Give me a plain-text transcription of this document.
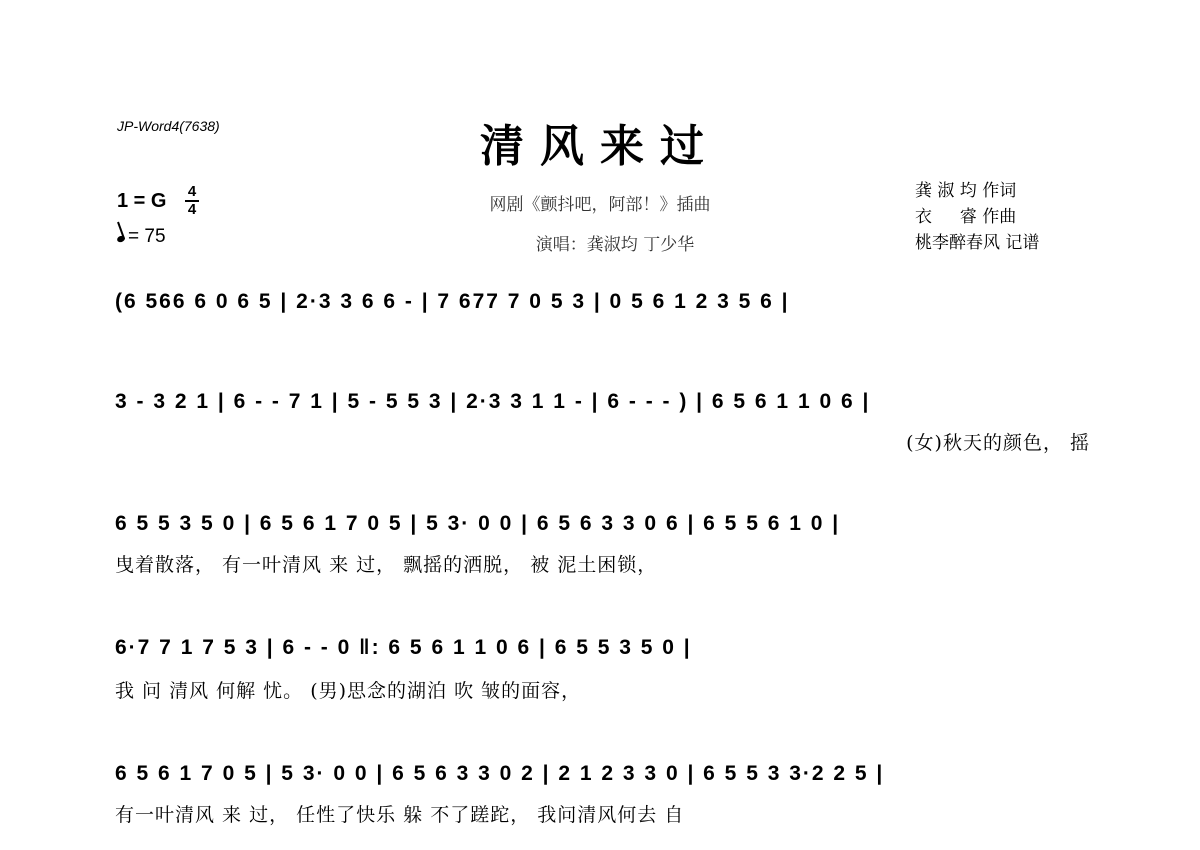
JP-Word4(7638)	清风来过
网剧《颤抖吧，阿部！》插曲
演唱：龚淑均 丁少华
1 = G 4
4
= 75
龚 淑 均 作词
衣 　 睿 作曲
桃李醉春风 记谱
(6 566 6 0 6 5 | 2·3 3 6 6 - | 7 677 7 0 5 3 | 0 5 6 1 2 3 5 6 |
3 - 3 2 1 | 6 - - 7 1 | 5 - 5 5 3 | 2·3 3 1 1 - | 6 - - - ) | 6 5 6 1 1 0 6 |
(女)秋天的颜色， 摇
6 5 5 3 5 0 | 6 5 6 1 7 0 5 | 5 3· 0 0 | 6 5 6 3 3 0 6 | 6 5 5 6 1 0 |
曳着散落， 有一叶清风 来 过， 飘摇的洒脱， 被 泥土困锁，
6·7 7 1 7 5 3 | 6 - - 0 ‖: 6 5 6 1 1 0 6 | 6 5 5 3 5 0 |
我 问 清风 何解 忧。 (男)思念的湖泊 吹 皱的面容，
6 5 6 1 7 0 5 | 5 3· 0 0 | 6 5 6 3 3 0 2 | 2 1 2 3 3 0 | 6 5 5 3 3·2 2 5 |
有一叶清风 来 过， 任性了快乐 躲 不了蹉跎， 我问清风何去 自
